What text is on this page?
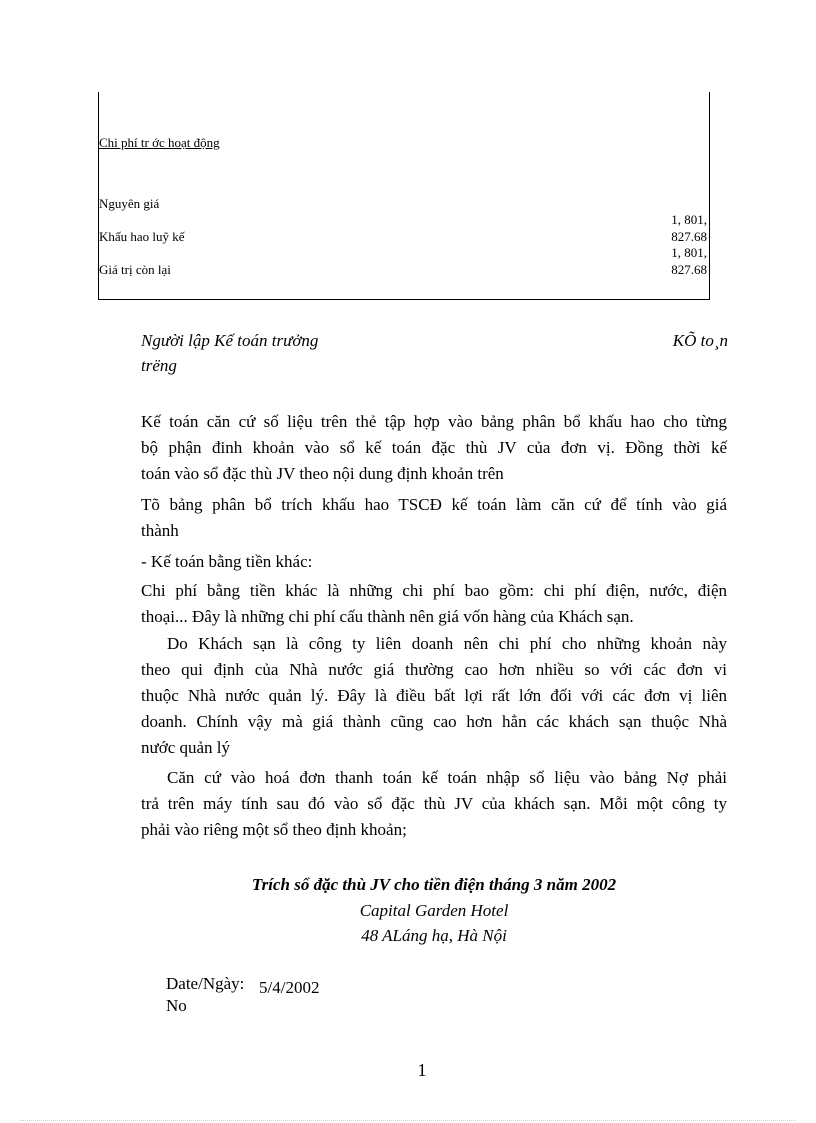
Chi phí tr ớc hoạt động
Nguyên giá
1, 801,
Khấu hao luỹ kế	827.68
1, 801,
Giá trị còn lại	827.68
Người lập Kế toán trưởng
trëng
KÕ to¸n
Kế toán căn cứ số liệu trên thẻ tập hợp vào bảng phân bổ khấu hao cho từng
bộ phận đinh khoản vào sổ kế toán đặc thù JV của đơn vị. Đồng thời kế
toán vào sổ đặc thù JV theo nội dung định khoản trên
Tõ bảng phân bổ trích khấu hao TSCĐ kế toán làm căn cứ để tính vào giá
thành
- Kế toán bằng tiền khác:
Chi phí bằng tiền khác là những chi phí bao gồm: chi phí điện, nước, điện
thoại... Đây là những chi phí cấu thành nên giá vốn hàng của Khách sạn.
Do Khách sạn là công ty liên doanh nên chi phí cho những khoản này
theo qui định của Nhà nước giá thường cao hơn nhiều so với các đơn vi
thuộc Nhà nước quản lý. Đây là điều bất lợi rất lớn đối với các đơn vị liên
doanh. Chính vậy mà giá thành cũng cao hơn hẳn các khách sạn thuộc Nhà
nước quản lý
Căn cứ vào hoá đơn thanh toán kế toán nhập số liệu vào bảng Nợ phải
trả trên máy tính sau đó vào sổ đặc thù JV của khách sạn. Mỗi một công ty
phải vào riêng một sổ theo định khoản;
Trích sổ đặc thù JV cho tiền điện tháng 3 năm 2002
Capital Garden Hotel
48 ALáng hạ, Hà Nội
Date/Ngày: 5/4/2002
No
1
